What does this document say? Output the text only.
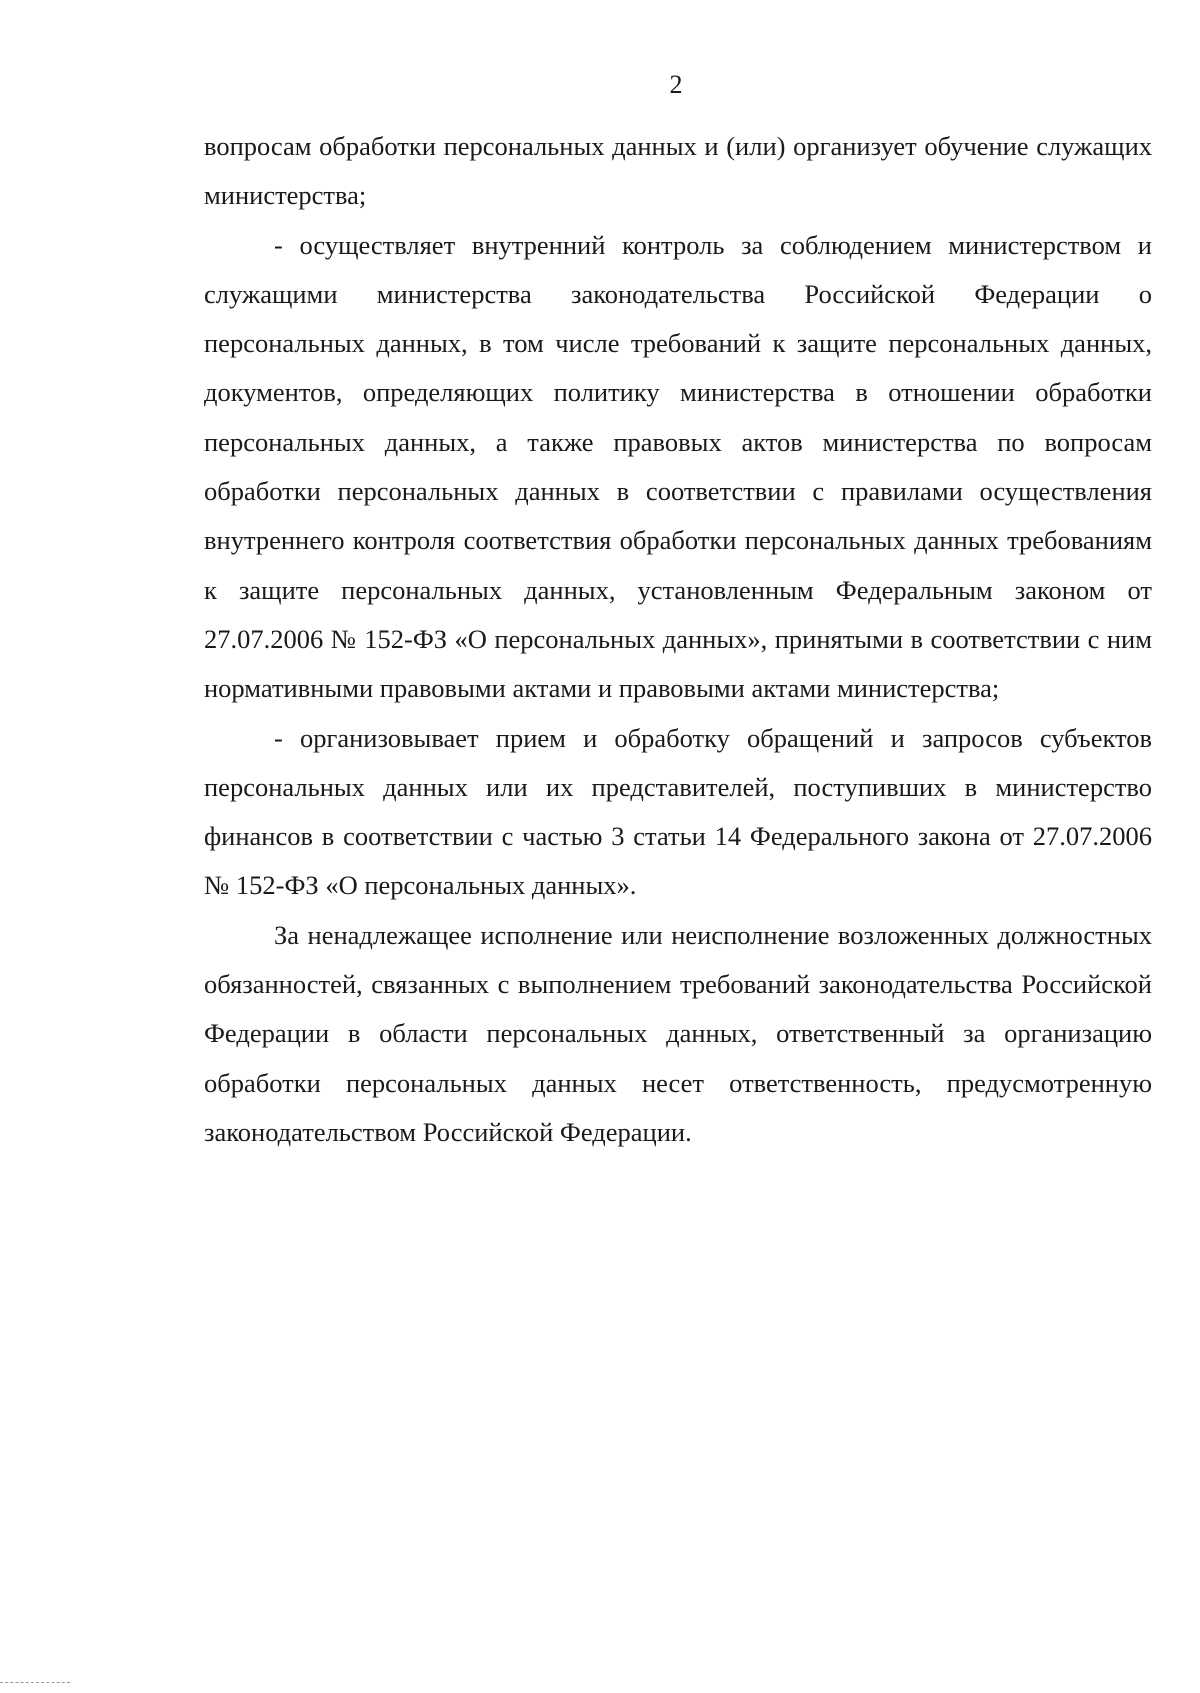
2

вопросам обработки персональных данных и (или) организует обучение служащих министерства;

- осуществляет внутренний контроль за соблюдением министерством и служащими министерства законодательства Российской Федерации о персональных данных, в том числе требований к защите персональных данных, документов, определяющих политику министерства в отношении обработки персональных данных, а также правовых актов министерства по вопросам обработки персональных данных в соответствии с правилами осуществления внутреннего контроля соответствия обработки персональных данных требованиям к защите персональных данных, установленным Федеральным законом от 27.07.2006 № 152-ФЗ «О персональных данных», принятыми в соответствии с ним нормативными правовыми актами и правовыми актами министерства;

- организовывает прием и обработку обращений и запросов субъектов персональных данных или их представителей, поступивших в министерство финансов в соответствии с частью 3 статьи 14 Федерального закона от 27.07.2006 № 152-ФЗ «О персональных данных».

За ненадлежащее исполнение или неисполнение возложенных должностных обязанностей, связанных с выполнением требований законодательства Российской Федерации в области персональных данных, ответственный за организацию обработки персональных данных несет ответственность, предусмотренную законодательством Российской Федерации.
